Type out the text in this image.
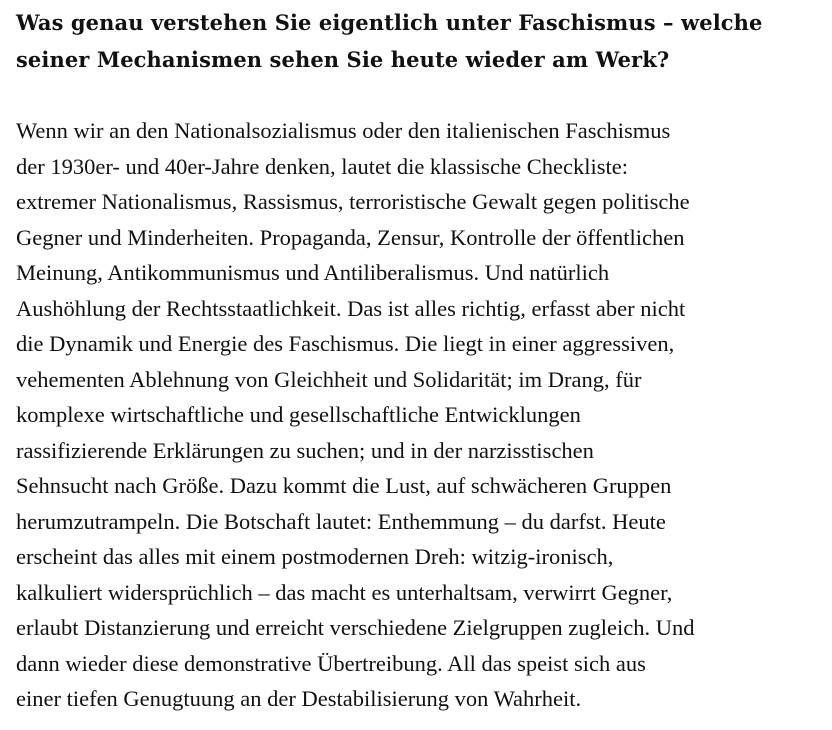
Was genau verstehen Sie eigentlich unter Faschismus – welche seiner Mechanismen sehen Sie heute wieder am Werk?

Wenn wir an den Nationalsozialismus oder den italienischen Faschismus
der 1930er- und 40er-Jahre denken, lautet die klassische Checkliste:
extremer Nationalismus, Rassismus, terroristische Gewalt gegen politische
Gegner und Minderheiten. Propaganda, Zensur, Kontrolle der öffentlichen
Meinung, Antikommunismus und Antiliberalismus. Und natürlich
Aushöhlung der Rechtsstaatlichkeit. Das ist alles richtig, erfasst aber nicht
die Dynamik und Energie des Faschismus. Die liegt in einer aggressiven,
vehementen Ablehnung von Gleichheit und Solidarität; im Drang, für
komplexe wirtschaftliche und gesellschaftliche Entwicklungen
rassifizierende Erklärungen zu suchen; und in der narzisstischen
Sehnsucht nach Größe. Dazu kommt die Lust, auf schwächeren Gruppen
herumzutrampeln. Die Botschaft lautet: Enthemmung – du darfst. Heute
erscheint das alles mit einem postmodernen Dreh: witzig-ironisch,
kalkuliert widersprüchlich – das macht es unterhaltsam, verwirrt Gegner,
erlaubt Distanzierung und erreicht verschiedene Zielgruppen zugleich. Und
dann wieder diese demonstrative Übertreibung. All das speist sich aus
einer tiefen Genugtuung an der Destabilisierung von Wahrheit.
